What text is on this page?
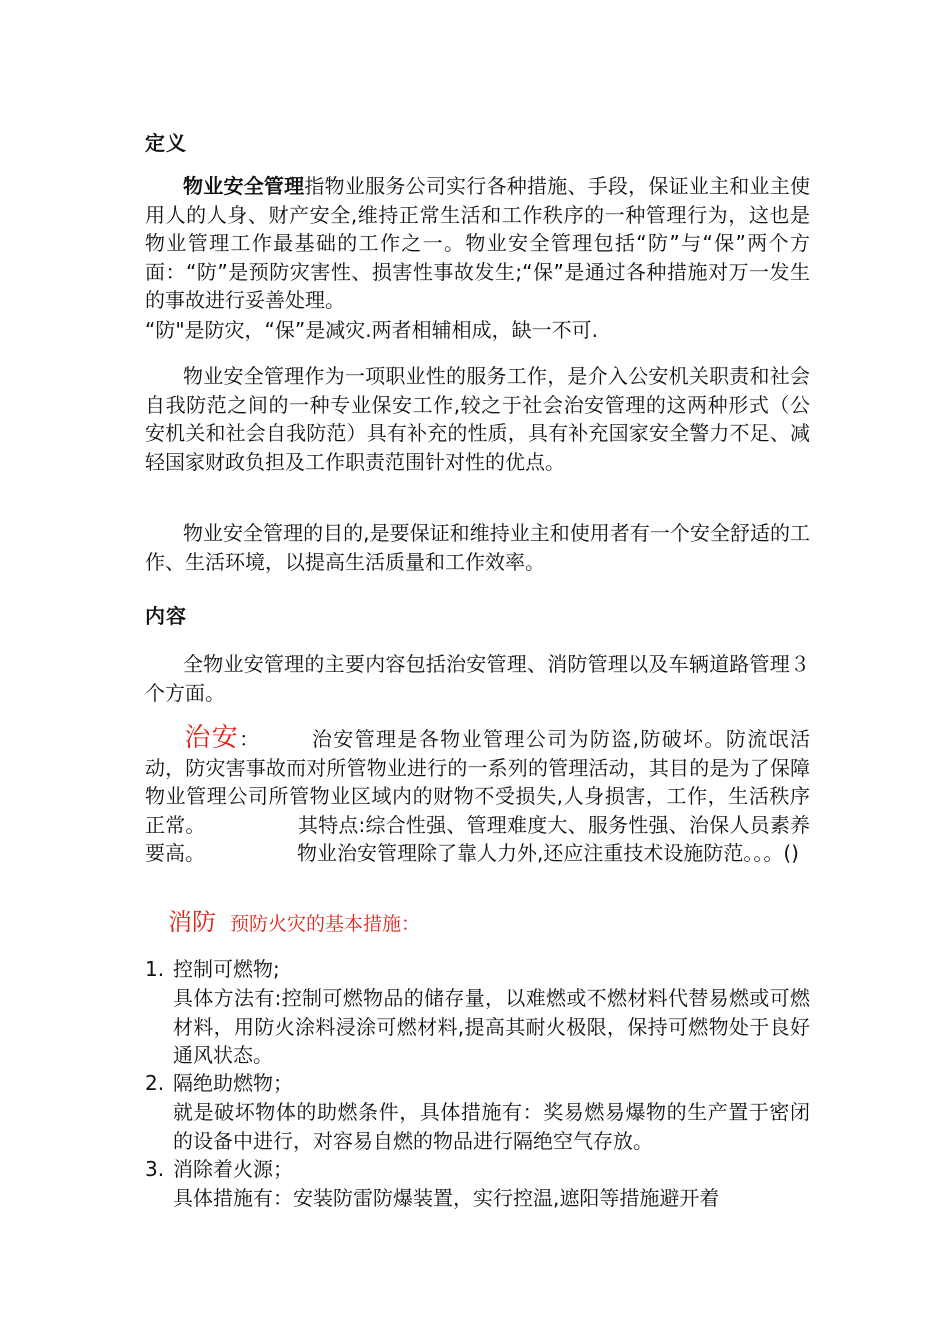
定义
物业安全管理指物业服务公司实行各种措施、手段，保证业主和业主使用人的人身、财产安全,维持正常生活和工作秩序的一种管理行为，这也是物业管理工作最基础的工作之一。物业安全管理包括“防”与“保”两个方面：“防”是预防灾害性、损害性事故发生;“保”是通过各种措施对万一发生的事故进行妥善处理。
“防"是防灾，“保”是减灾.两者相辅相成，缺一不可.
物业安全管理作为一项职业性的服务工作，是介入公安机关职责和社会自我防范之间的一种专业保安工作,较之于社会治安管理的这两种形式（公安机关和社会自我防范）具有补充的性质，具有补充国家安全警力不足、减轻国家财政负担及工作职责范围针对性的优点。
物业安全管理的目的,是要保证和维持业主和使用者有一个安全舒适的工作、生活环境，以提高生活质量和工作效率。
内容
全物业安管理的主要内容包括治安管理、消防管理以及车辆道路管理３个方面。
治安：	治安管理是各物业管理公司为防盗,防破坏。防流氓活动，防灾害事故而对所管物业进行的一系列的管理活动，其目的是为了保障物业管理公司所管物业区域内的财物不受损失,人身损害，工作，生活秩序正常。	其特点:综合性强、管理难度大、服务性强、治保人员素养要高。	物业治安管理除了靠人力外,还应注重技术设施防范。。。()
消防 预防火灾的基本措施：
1. 控制可燃物;
具体方法有:控制可燃物品的储存量，以难燃或不燃材料代替易燃或可燃材料，用防火涂料浸涂可燃材料,提高其耐火极限，保持可燃物处于良好通风状态。
2. 隔绝助燃物；
就是破坏物体的助燃条件，具体措施有：奖易燃易爆物的生产置于密闭的设备中进行，对容易自燃的物品进行隔绝空气存放。
3. 消除着火源；
具体措施有：安装防雷防爆装置，实行控温,遮阳等措施避开着
